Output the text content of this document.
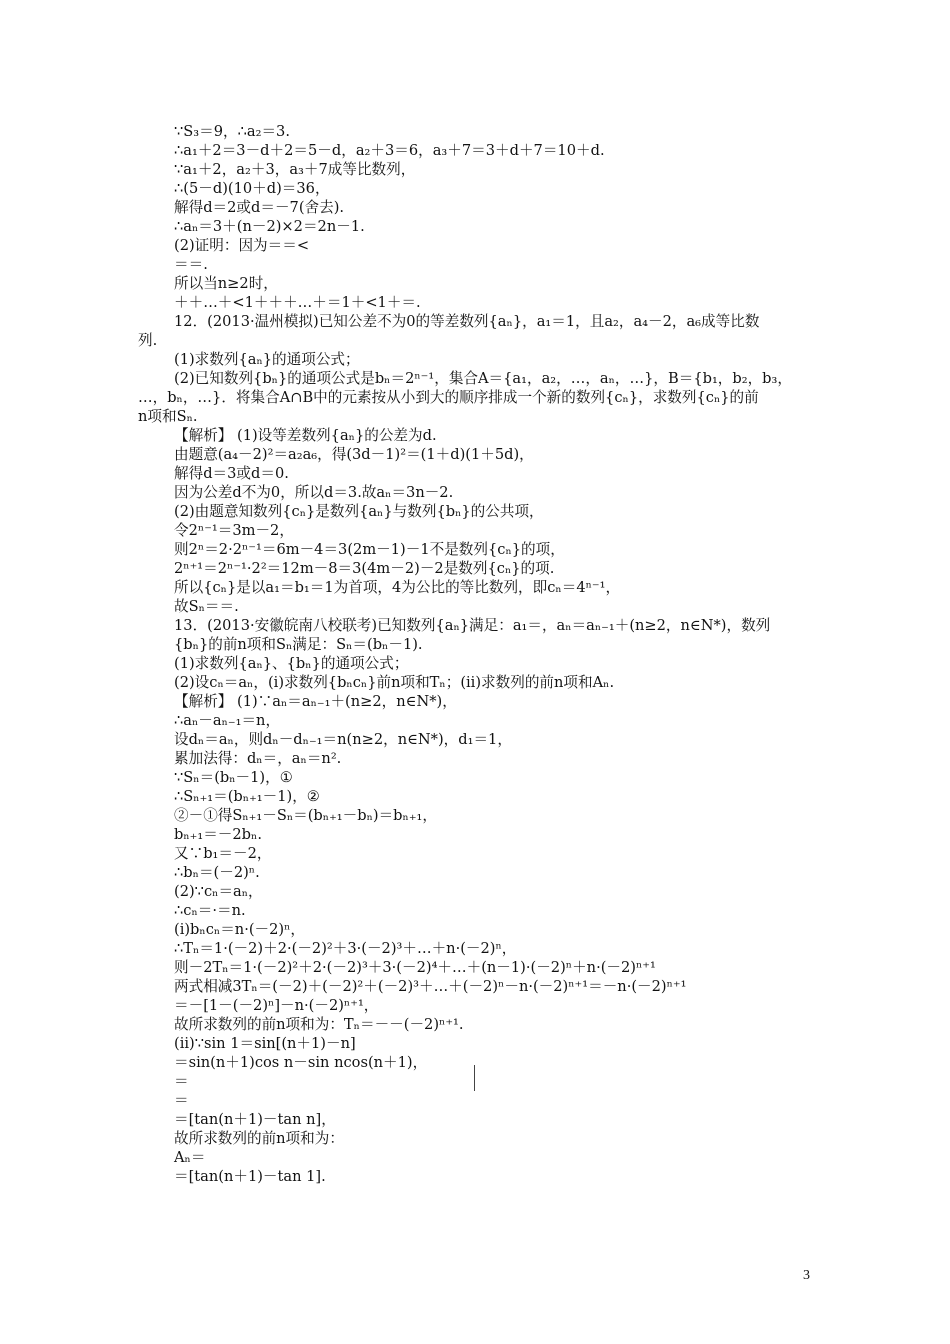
∵S₃＝9，∴a₂＝3.
∴a₁＋2＝3－d＋2＝5－d，a₂＋3＝6，a₃＋7＝3＋d＋7＝10＋d.
∵a₁＋2，a₂＋3，a₃＋7成等比数列，
∴(5－d)(10＋d)＝36，
解得d＝2或d＝－7(舍去).
∴aₙ＝3＋(n－2)×2＝2n－1.
(2)证明：因为＝＝<
＝＝.
所以当n≥2时，
＋＋…＋<1＋＋＋…＋＝1＋<1＋＝.
12．(2013·温州模拟)已知公差不为0的等差数列{aₙ}，a₁＝1，且a₂，a₄－2，a₆成等比数
列.
(1)求数列{aₙ}的通项公式；
(2)已知数列{bₙ}的通项公式是bₙ＝2ⁿ⁻¹，集合A＝{a₁，a₂，…，aₙ，…}，B＝{b₁，b₂，b₃，
…，bₙ，…}．将集合A∩B中的元素按从小到大的顺序排成一个新的数列{cₙ}，求数列{cₙ}的前
n项和Sₙ.
【解析】 (1)设等差数列{aₙ}的公差为d.
由题意(a₄－2)²＝a₂a₆，得(3d－1)²＝(1＋d)(1＋5d)，
解得d＝3或d＝0.
因为公差d不为0，所以d＝3.故aₙ＝3n－2.
(2)由题意知数列{cₙ}是数列{aₙ}与数列{bₙ}的公共项，
令2ⁿ⁻¹＝3m－2，
则2ⁿ＝2·2ⁿ⁻¹＝6m－4＝3(2m－1)－1不是数列{cₙ}的项，
2ⁿ⁺¹＝2ⁿ⁻¹·2²＝12m－8＝3(4m－2)－2是数列{cₙ}的项.
所以{cₙ}是以a₁＝b₁＝1为首项，4为公比的等比数列，即cₙ＝4ⁿ⁻¹，
故Sₙ＝＝.
13．(2013·安徽皖南八校联考)已知数列{aₙ}满足：a₁＝，aₙ＝aₙ₋₁＋(n≥2，n∈N*)，数列
{bₙ}的前n项和Sₙ满足：Sₙ＝(bₙ－1).
(1)求数列{aₙ}、{bₙ}的通项公式；
(2)设cₙ＝aₙ，(i)求数列{bₙcₙ}前n项和Tₙ；(ii)求数列的前n项和Aₙ.
【解析】 (1)∵aₙ＝aₙ₋₁＋(n≥2，n∈N*)，
∴aₙ－aₙ₋₁＝n，
设dₙ＝aₙ，则dₙ－dₙ₋₁＝n(n≥2，n∈N*)，d₁＝1，
累加法得：dₙ＝，aₙ＝n².
∵Sₙ＝(bₙ－1)，①
∴Sₙ₊₁＝(bₙ₊₁－1)，②
②－①得Sₙ₊₁－Sₙ＝(bₙ₊₁－bₙ)＝bₙ₊₁，
bₙ₊₁＝－2bₙ.
又∵b₁＝－2，
∴bₙ＝(－2)ⁿ.
(2)∵cₙ＝aₙ，
∴cₙ＝·＝n.
(i)bₙcₙ＝n·(－2)ⁿ，
∴Tₙ＝1·(－2)＋2·(－2)²＋3·(－2)³＋…＋n·(－2)ⁿ，
则－2Tₙ＝1·(－2)²＋2·(－2)³＋3·(－2)⁴＋…＋(n－1)·(－2)ⁿ＋n·(－2)ⁿ⁺¹
两式相减3Tₙ＝(－2)＋(－2)²＋(－2)³＋…＋(－2)ⁿ－n·(－2)ⁿ⁺¹＝－n·(－2)ⁿ⁺¹
＝－[1－(－2)ⁿ]－n·(－2)ⁿ⁺¹，
故所求数列的前n项和为：Tₙ＝－－(－2)ⁿ⁺¹.
(ii)∵sin 1＝sin[(n＋1)－n]
＝sin(n＋1)cos n－sin ncos(n＋1)，
＝
＝
＝[tan(n＋1)－tan n]，
故所求数列的前n项和为：
Aₙ＝
＝[tan(n＋1)－tan 1].
3
